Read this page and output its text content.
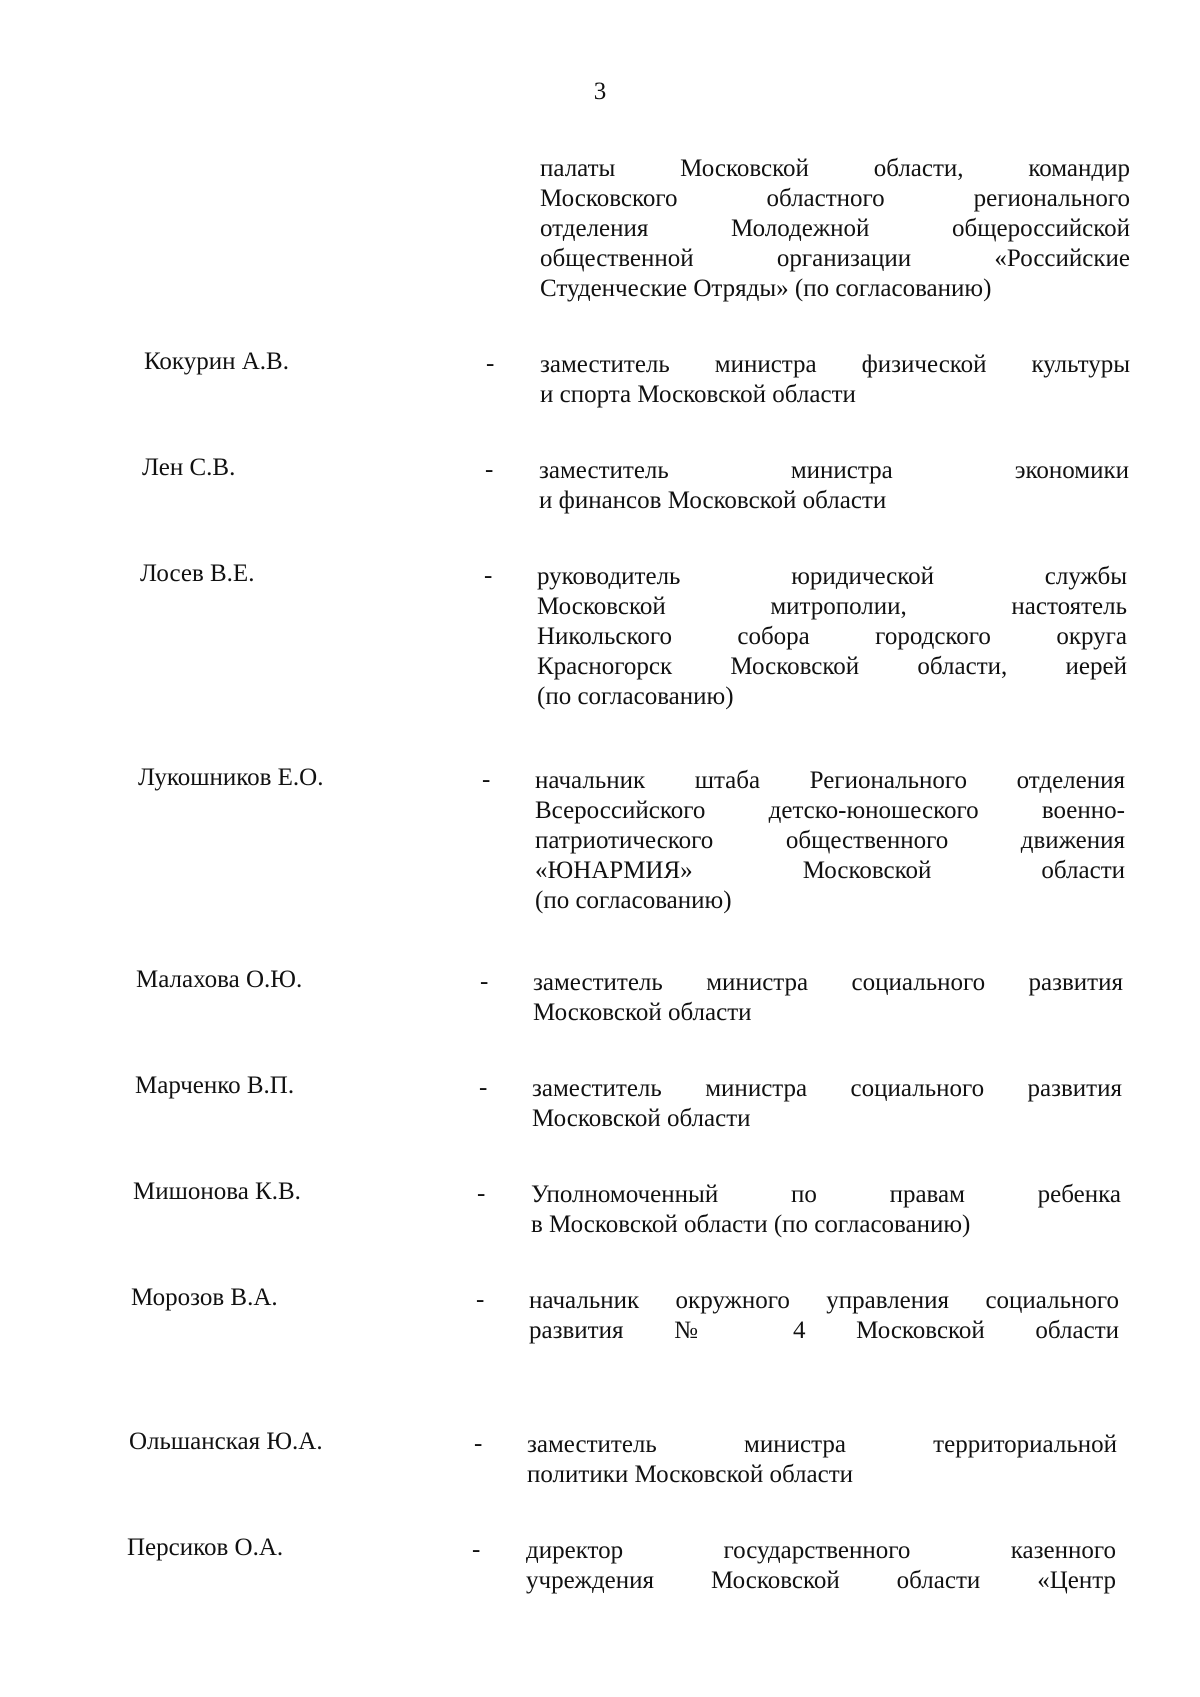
3
палаты Московской области, командир
Московского областного регионального
отделения Молодежной общероссийской
общественной организации «Российские
Студенческие Отряды» (по согласованию)
Кокурин А.В.	- заместитель министра физической культуры
и спорта Московской области
Лен С.В.	- заместитель министра экономики
и финансов Московской области
Лосев В.Е.	- руководитель юридической службы
Московской митрополии, настоятель
Никольского собора городского округа
Красногорск Московской области, иерей
(по согласованию)
Лукошников Е.О.	- начальник штаба Регионального отделения
Всероссийского детско-юношеского военно-
патриотического общественного движения
«ЮНАРМИЯ» Московской области
(по согласованию)
Малахова О.Ю.	- заместитель министра социального развития
Московской области
Марченко В.П.	- заместитель министра социального развития
Московской области
Мишонова К.В.	- Уполномоченный по правам ребенка
в Московской области (по согласованию)
Морозов В.А.	- начальник окружного управления социального
развития № 4 Московской области
Ольшанская Ю.А.	- заместитель министра территориальной
политики Московской области
Персиков О.А.	- директор государственного казенного
учреждения Московской области «Центр
